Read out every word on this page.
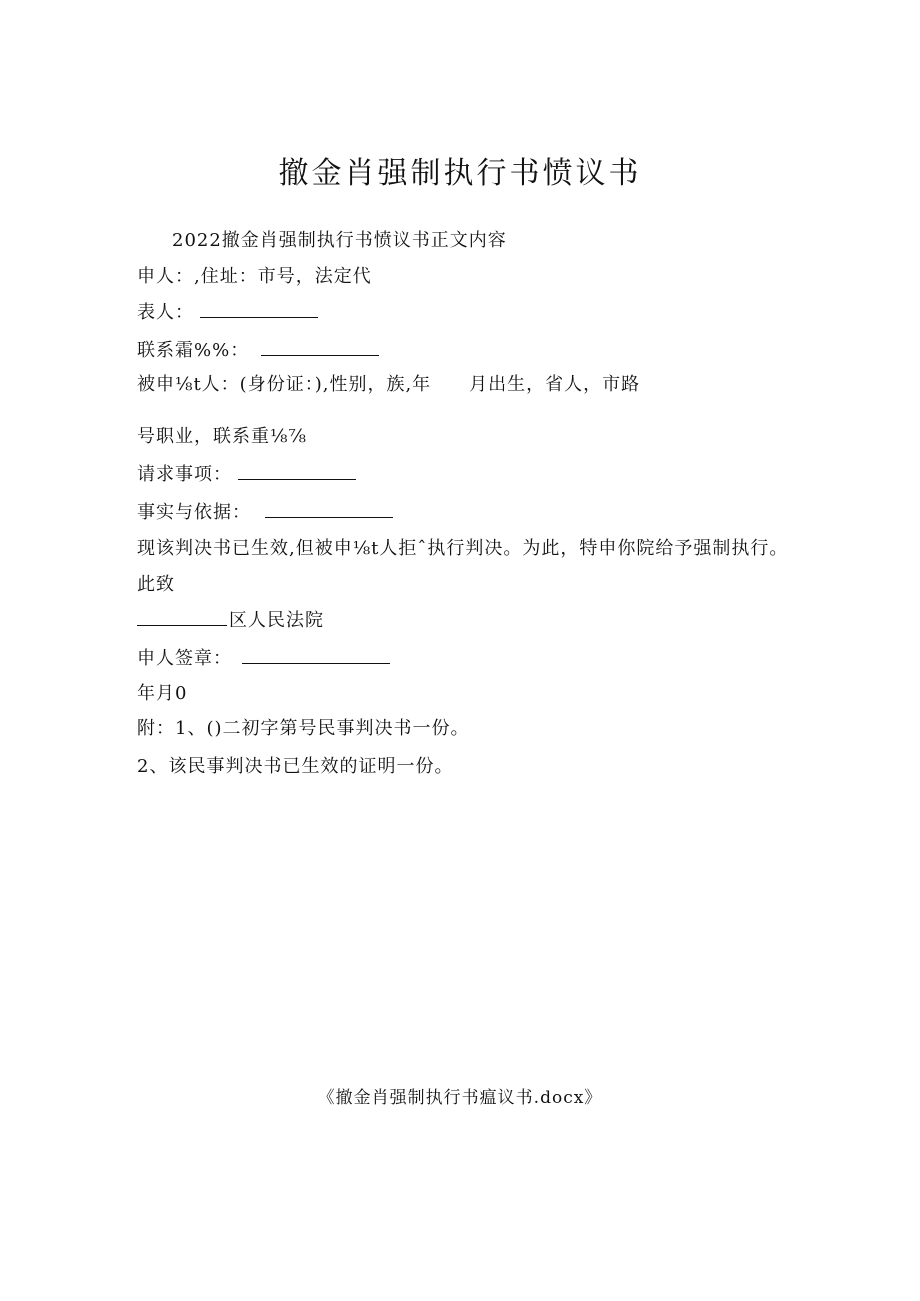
撤金肖强制执行书愤议书
2022撤金肖强制执行书愤议书正文内容
申人：,住址：市号，法定代
表人：
联系霜%%：
被申⅛t人：(身份证：),性别，族,年　　月出生，省人，市路
号职业，联系重⅛⅞
请求事项：
事实与依据：
现该判决书已生效,但被申⅛t人拒ˆ执行判决。为此，特申你院给予强制执行。
此致
区人民法院
申人签章：
年月0
附：1、()二初字第号民事判决书一份。
2、该民事判决书已生效的证明一份。
《撤金肖强制执行书瘟议书.docx》
